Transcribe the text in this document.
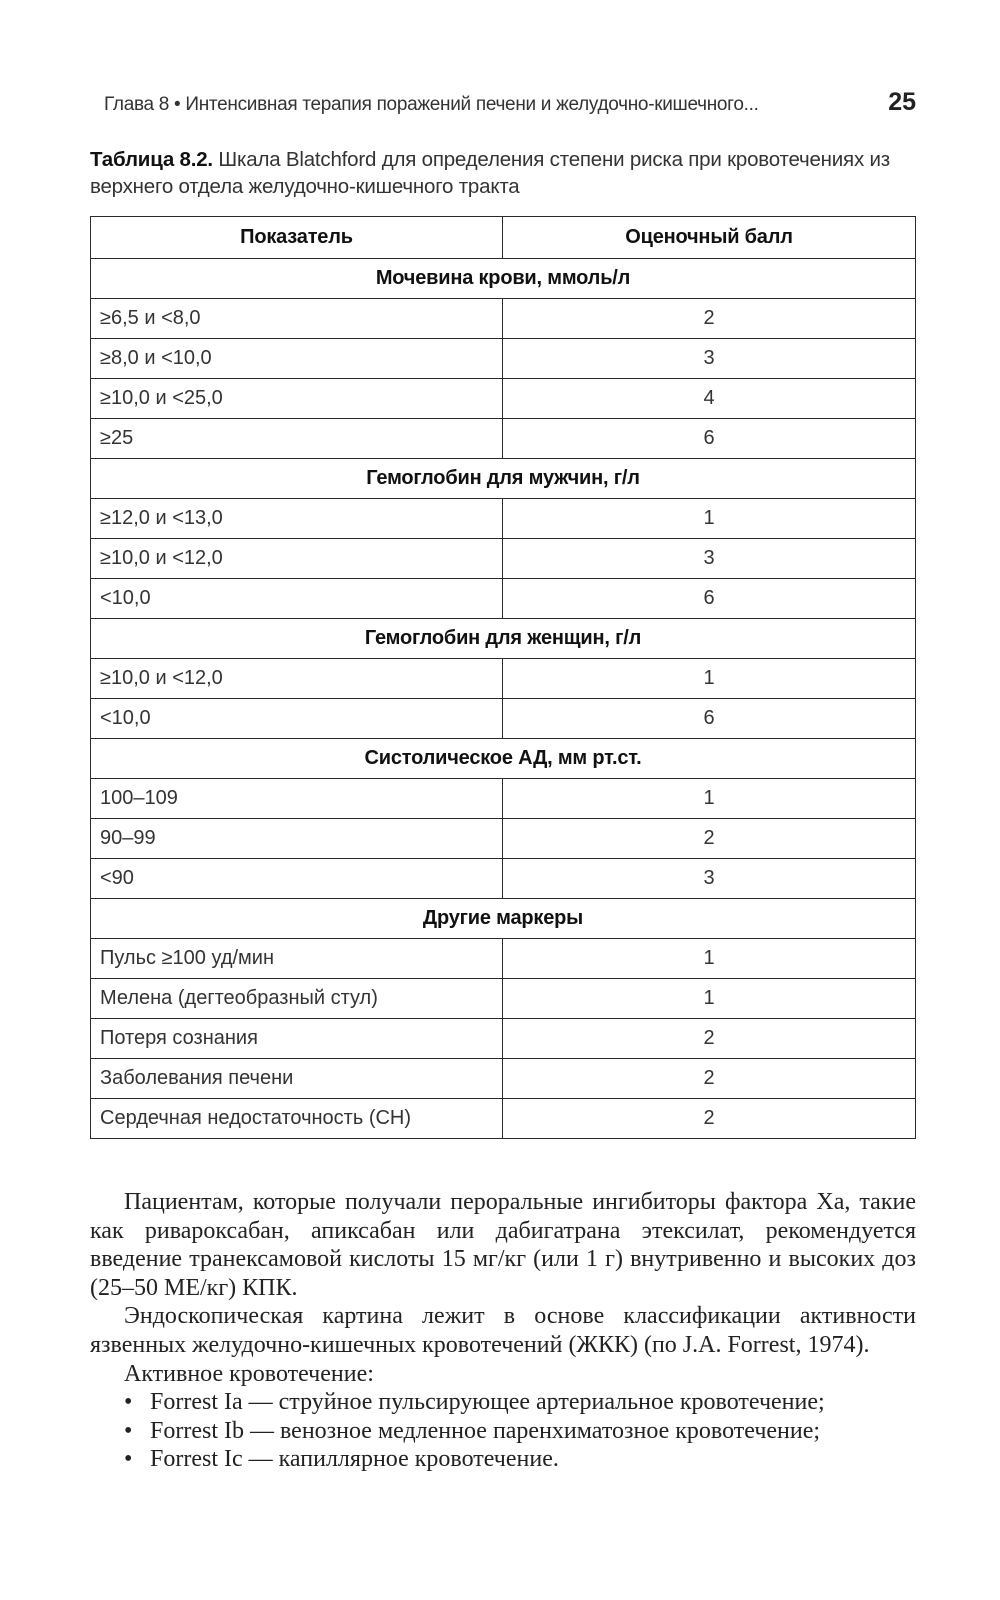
Глава 8 • Интенсивная терапия поражений печени и желудочно-кишечного...	25
Таблица 8.2. Шкала Blatchford для определения степени риска при кровотечениях из верхнего отдела желудочно-кишечного тракта
Показатель	Оценочный балл
Мочевина крови, ммоль/л	
≥6,5 и <8,0	2
≥8,0 и <10,0	3
≥10,0 и <25,0	4
≥25	6
Гемоглобин для мужчин, г/л	
≥12,0 и <13,0	1
≥10,0 и <12,0	3
<10,0	6
Гемоглобин для женщин, г/л	
≥10,0 и <12,0	1
<10,0	6
Систолическое АД, мм рт.ст.	
100–109	1
90–99	2
<90	3
Другие маркеры	
Пульс ≥100 уд/мин	1
Мелена (дегтеобразный стул)	1
Потеря сознания	2
Заболевания печени	2
Сердечная недостаточность (СН)	2

Пациентам, которые получали пероральные ингибиторы фактора Ха, такие как ривароксабан, апиксабан или дабигатрана этексилат, рекомендуется введение транексамовой кислоты 15 мг/кг (или 1 г) внутривенно и высоких доз (25–50 МЕ/кг) КПК.

Эндоскопическая картина лежит в основе классификации активности язвенных желудочно-кишечных кровотечений (ЖКК) (по J.A. Forrest, 1974).

Активное кровотечение:

• Forrest Ia — струйное пульсирующее артериальное кровотечение;
• Forrest Ib — венозное медленное паренхиматозное кровотечение;
• Forrest Ic — капиллярное кровотечение.
